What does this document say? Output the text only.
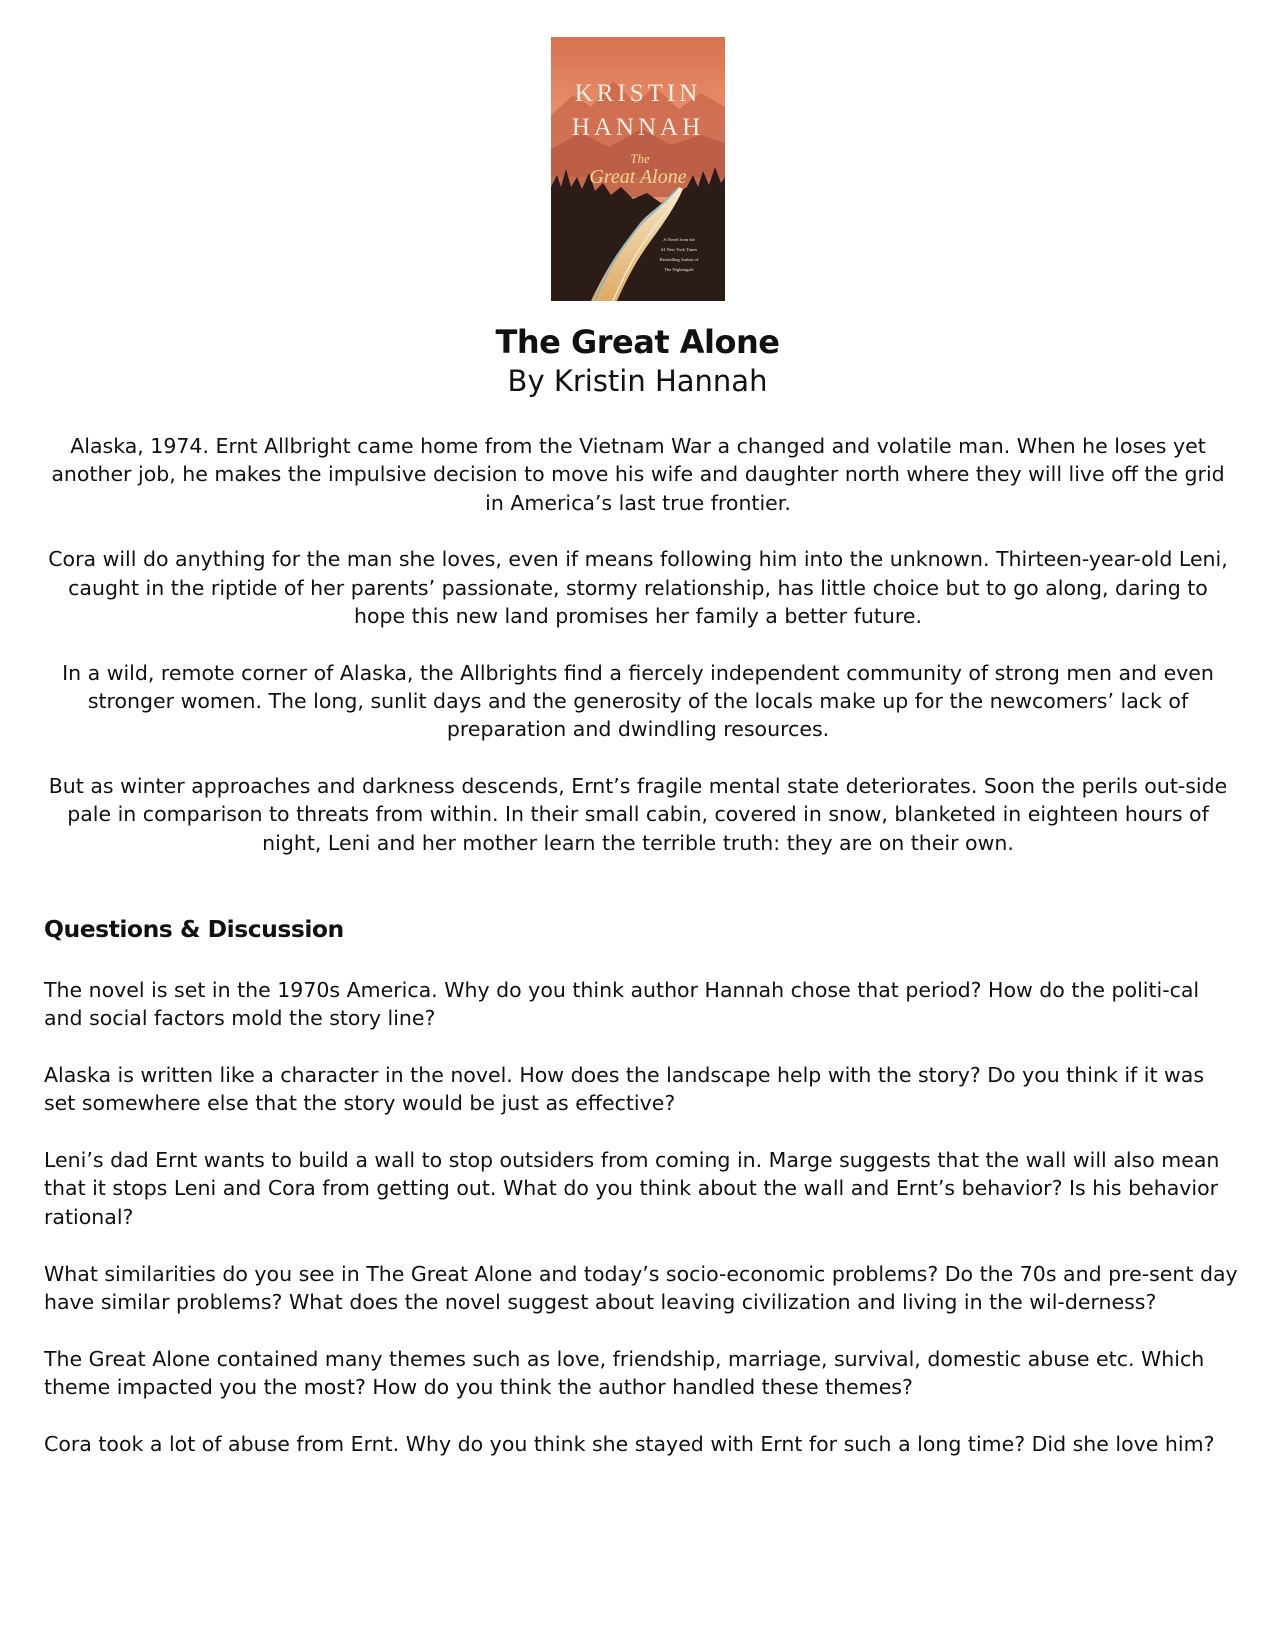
KRISTIN
HANNAH
The
Great Alone
A Novel from the
#1 New York Times
Bestselling Author of
The Nightingale
The Great Alone
By Kristin Hannah

Alaska, 1974. Ernt Allbright came home from the Vietnam War a changed and volatile man. When he loses yet another job, he makes the impulsive decision to move his wife and daughter north where they will live off the grid in America’s last true frontier.

Cora will do anything for the man she loves, even if means following him into the unknown. Thirteen-year-old Leni, caught in the riptide of her parents’ passionate, stormy relationship, has little choice but to go along, daring to hope this new land promises her family a better future.

In a wild, remote corner of Alaska, the Allbrights find a fiercely independent community of strong men and even stronger women. The long, sunlit days and the generosity of the locals make up for the newcomers’ lack of preparation and dwindling resources.

But as winter approaches and darkness descends, Ernt’s fragile mental state deteriorates. Soon the perils out-side pale in comparison to threats from within. In their small cabin, covered in snow, blanketed in eighteen hours of night, Leni and her mother learn the terrible truth: they are on their own.

Questions & Discussion

The novel is set in the 1970s America. Why do you think author Hannah chose that period? How do the politi-cal and social factors mold the story line?

Alaska is written like a character in the novel. How does the landscape help with the story? Do you think if it was set somewhere else that the story would be just as effective?

Leni’s dad Ernt wants to build a wall to stop outsiders from coming in. Marge suggests that the wall will also mean that it stops Leni and Cora from getting out. What do you think about the wall and Ernt’s behavior? Is his behavior rational?

What similarities do you see in The Great Alone and today’s socio-economic problems? Do the 70s and pre-sent day have similar problems? What does the novel suggest about leaving civilization and living in the wil-derness?

The Great Alone contained many themes such as love, friendship, marriage, survival, domestic abuse etc. Which theme impacted you the most? How do you think the author handled these themes?

Cora took a lot of abuse from Ernt. Why do you think she stayed with Ernt for such a long time? Did she love him?
